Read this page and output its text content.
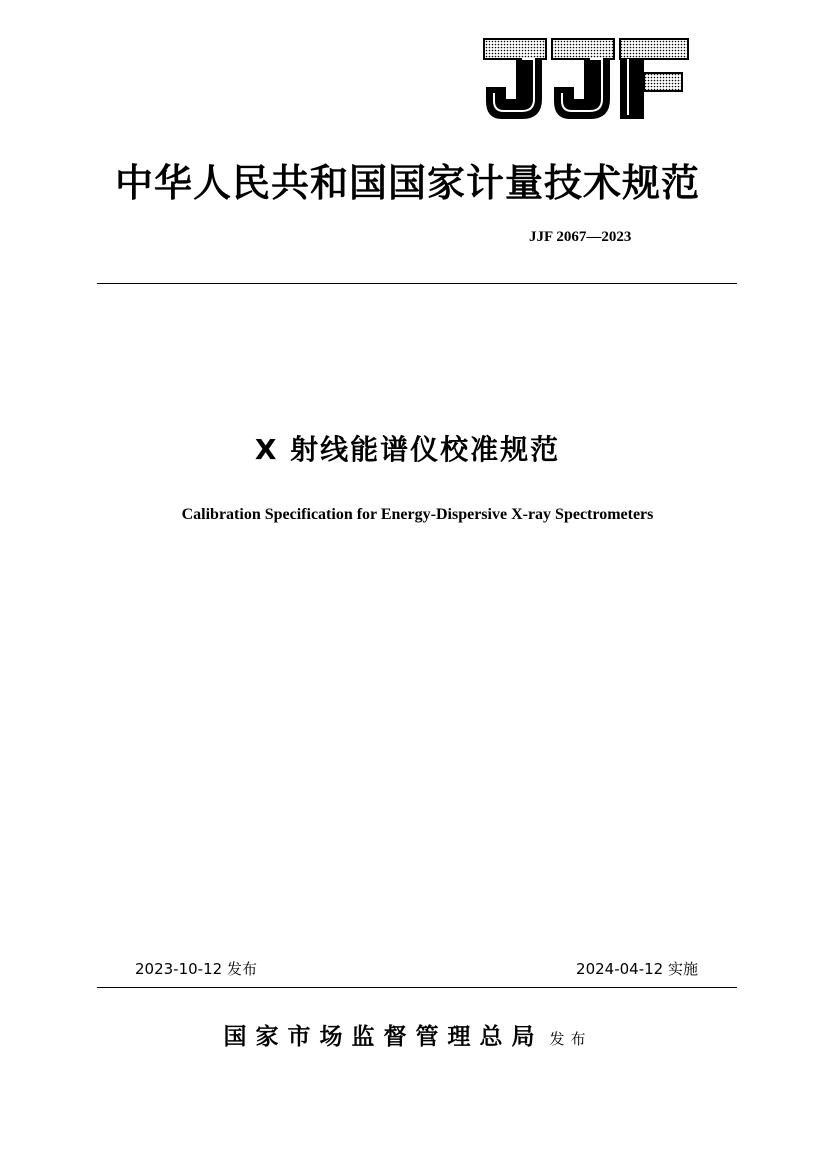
中华人民共和国国家计量技术规范
JJF 2067—2023
X 射线能谱仪校准规范
Calibration Specification for Energy-Dispersive X-ray Spectrometers
2023-10-12 发布	2024-04-12 实施
国家市场监督管理总局 发布
